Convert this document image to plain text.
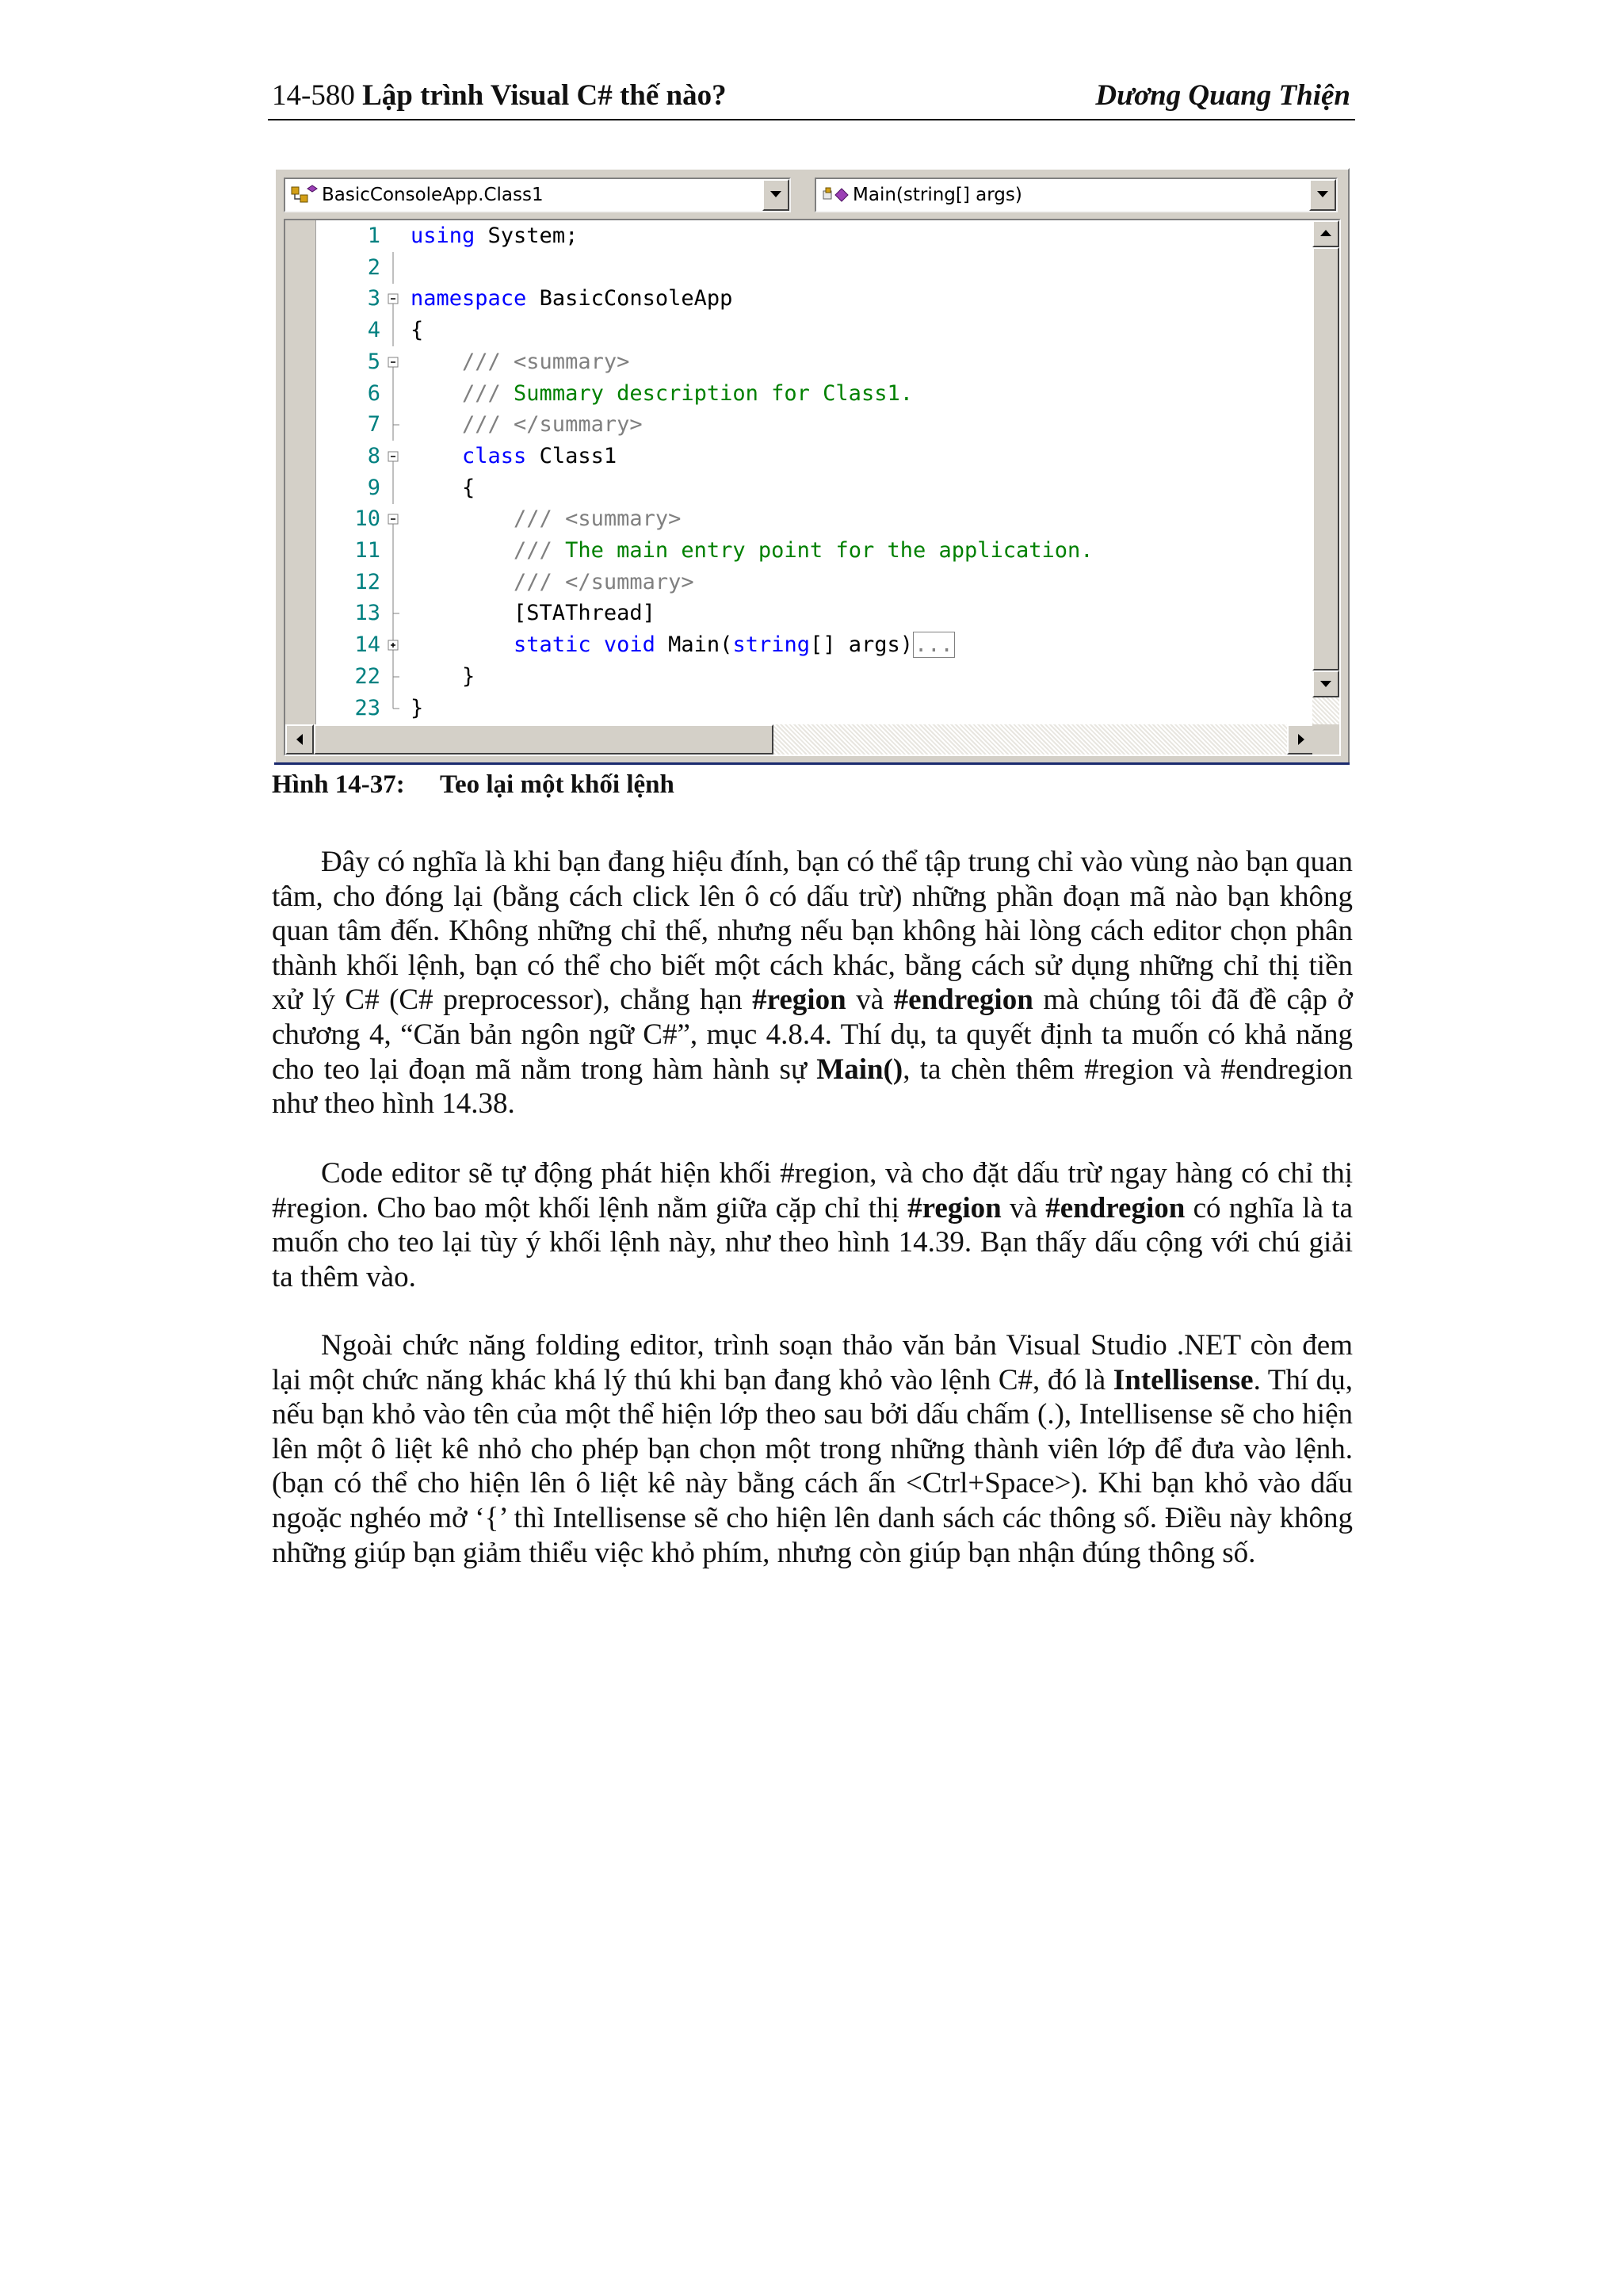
14-580 Lập trình Visual C# thế nào?	Dương Quang Thiện
BasicConsoleApp.Class1	Main(string[] args)
1 using System;
2
3 namespace BasicConsoleApp
4 {
5 /// <summary>
6 /// Summary description for Class1.
7 /// </summary>
8	class Class1
9 {
10 /// <summary>
11 /// The main entry point for the application.
12 /// </summary>
13 [STAThread]
14	static void Main(string[] args)...
22 }
23 }
Hình 14-37: Teo lại một khối lệnh

Đây có nghĩa là khi bạn đang hiệu đính, bạn có thể tập trung chỉ vào vùng nào bạn quan tâm, cho đóng lại (bằng cách click lên ô có dấu trừ) những phần đoạn mã nào bạn không quan tâm đến. Không những chỉ thế, nhưng nếu bạn không hài lòng cách editor chọn phân thành khối lệnh, bạn có thể cho biết một cách khác, bằng cách sử dụng những chỉ thị tiền xử lý C# (C# preprocessor), chẳng hạn #region và #endregion mà chúng tôi đã đề cập ở chương 4, “Căn bản ngôn ngữ C#”, mục 4.8.4. Thí dụ, ta quyết định ta muốn có khả năng cho teo lại đoạn mã nằm trong hàm hành sự Main(), ta chèn thêm #region và #endregion như theo hình 14.38.

Code editor sẽ tự động phát hiện khối #region, và cho đặt dấu trừ ngay hàng có chỉ thị #region. Cho bao một khối lệnh nằm giữa cặp chỉ thị #region và #endregion có nghĩa là ta muốn cho teo lại tùy ý khối lệnh này, như theo hình 14.39. Bạn thấy dấu cộng với chú giải ta thêm vào.

Ngoài chức năng folding editor, trình soạn thảo văn bản Visual Studio .NET còn đem lại một chức năng khác khá lý thú khi bạn đang khỏ vào lệnh C#, đó là Intellisense. Thí dụ, nếu bạn khỏ vào tên của một thể hiện lớp theo sau bởi dấu chấm (.), Intellisense sẽ cho hiện lên một ô liệt kê nhỏ cho phép bạn chọn một trong những thành viên lớp để đưa vào lệnh. (bạn có thể cho hiện lên ô liệt kê này bằng cách ấn <Ctrl+Space>). Khi bạn khỏ vào dấu ngoặc nghéo mở ‘{’ thì Intellisense sẽ cho hiện lên danh sách các thông số. Điều này không những giúp bạn giảm thiểu việc khỏ phím, nhưng còn giúp bạn nhận đúng thông số.
